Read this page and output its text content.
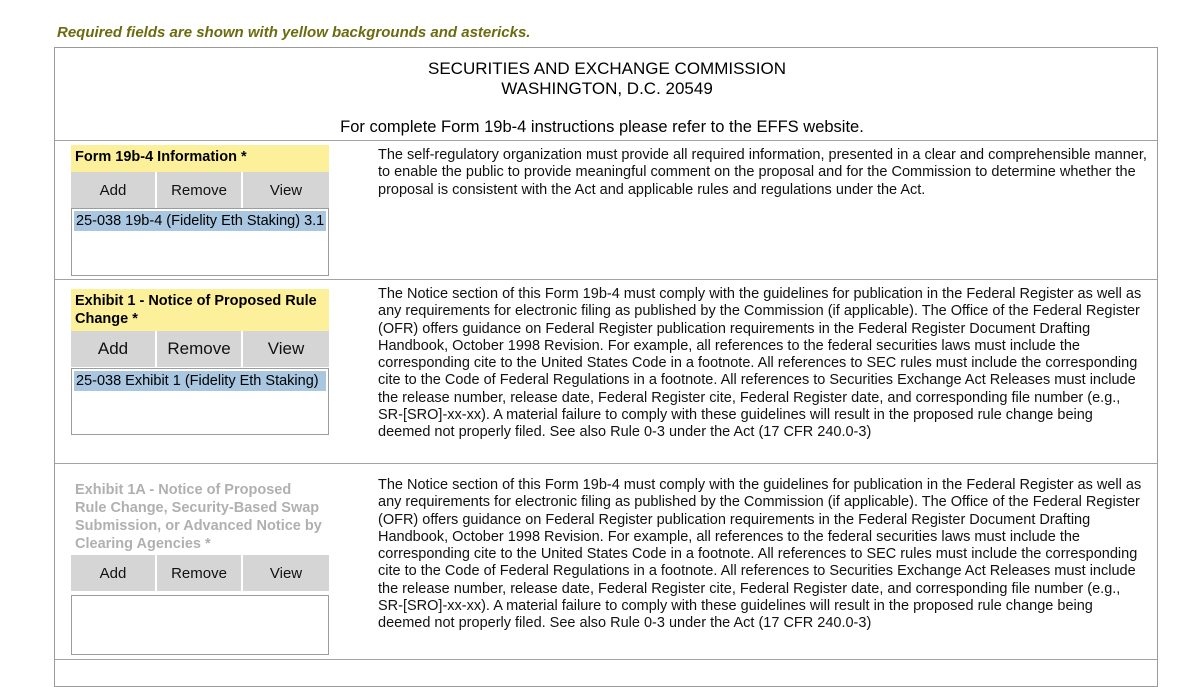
Required fields are shown with yellow backgrounds and astericks.
SECURITIES AND EXCHANGE COMMISSION
WASHINGTON, D.C. 20549
For complete Form 19b-4 instructions please refer to the EFFS website.
Form 19b-4 Information *
Add	Remove	View
25-038 19b-4 (Fidelity Eth Staking) 3.1
The self-regulatory organization must provide all required information, presented in a clear and comprehensible manner, to enable the public to provide meaningful comment on the proposal and for the Commission to determine whether the proposal is consistent with the Act and applicable rules and regulations under the Act.
Exhibit 1 - Notice of Proposed Rule Change *
Add	Remove	View
25-038 Exhibit 1 (Fidelity Eth Staking)
The Notice section of this Form 19b-4 must comply with the guidelines for publication in the Federal Register as well as any requirements for electronic filing as published by the Commission (if applicable). The Office of the Federal Register (OFR) offers guidance on Federal Register publication requirements in the Federal Register Document Drafting Handbook, October 1998 Revision. For example, all references to the federal securities laws must include the corresponding cite to the United States Code in a footnote. All references to SEC rules must include the corresponding cite to the Code of Federal Regulations in a footnote. All references to Securities Exchange Act Releases must include the release number, release date, Federal Register cite, Federal Register date, and corresponding file number (e.g., SR-[SRO]-xx-xx). A material failure to comply with these guidelines will result in the proposed rule change being deemed not properly filed. See also Rule 0-3 under the Act (17 CFR 240.0-3)
Exhibit 1A - Notice of Proposed Rule Change, Security-Based Swap Submission, or Advanced Notice by Clearing Agencies *
Add	Remove	View
The Notice section of this Form 19b-4 must comply with the guidelines for publication in the Federal Register as well as any requirements for electronic filing as published by the Commission (if applicable). The Office of the Federal Register (OFR) offers guidance on Federal Register publication requirements in the Federal Register Document Drafting Handbook, October 1998 Revision. For example, all references to the federal securities laws must include the corresponding cite to the United States Code in a footnote. All references to SEC rules must include the corresponding cite to the Code of Federal Regulations in a footnote. All references to Securities Exchange Act Releases must include the release number, release date, Federal Register cite, Federal Register date, and corresponding file number (e.g., SR-[SRO]-xx-xx). A material failure to comply with these guidelines will result in the proposed rule change being deemed not properly filed. See also Rule 0-3 under the Act (17 CFR 240.0-3)
